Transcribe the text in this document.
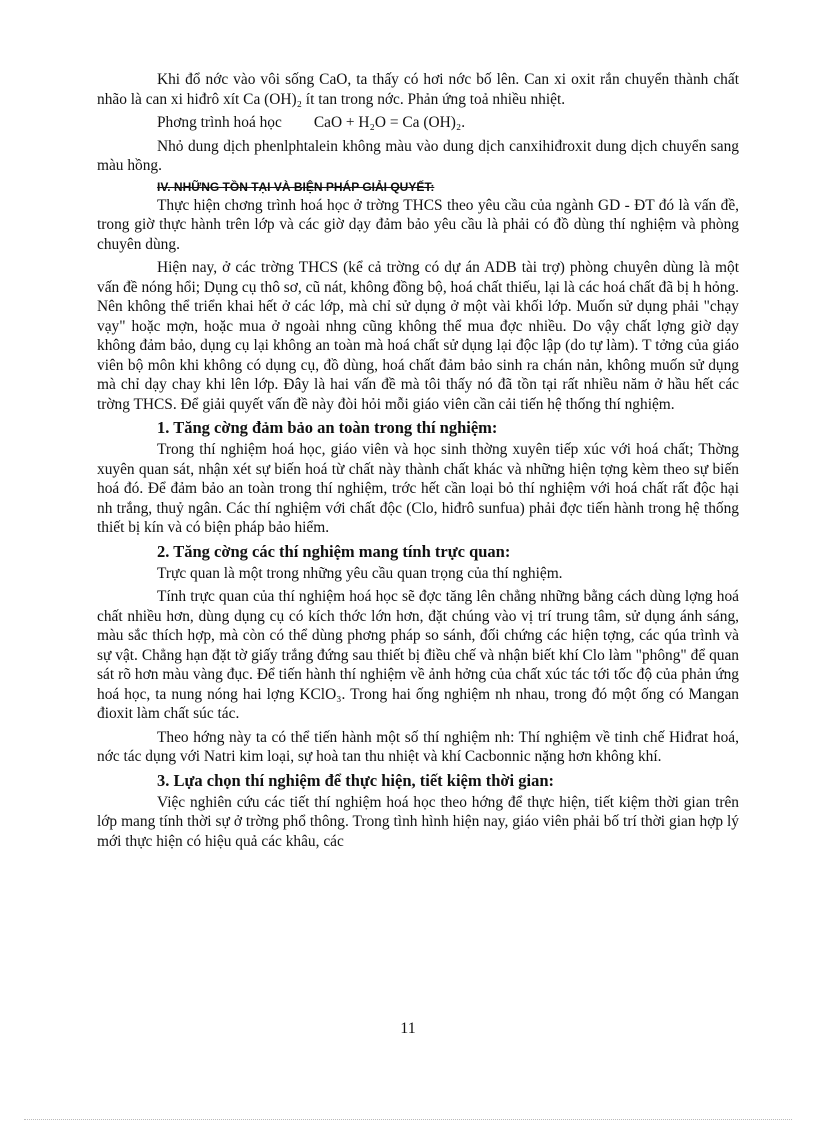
Khi đổ nớc vào vôi sống CaO, ta thấy có hơi nớc bố lên. Can xi oxit rắn chuyển thành chất nhão là can xi hiđrô xít Ca (OH)₂ ít tan trong nớc. Phản ứng toả nhiều nhiệt.

Phơng trình hoá học CaO + H₂O = Ca (OH)₂.

Nhỏ dung dịch phenlphtalein không màu vào dung dịch canxihiđroxit dung dịch chuyển sang màu hồng.

IV. NHỮNG TỒN TẠI VÀ BIỆN PHÁP GIẢI QUYẾT:

Thực hiện chơng trình hoá học ở trờng THCS theo yêu cầu của ngành GD - ĐT đó là vấn đề, trong giờ thực hành trên lớp và các giờ dạy đảm bảo yêu cầu là phải có đồ dùng thí nghiệm và phòng chuyên dùng.

Hiện nay, ở các trờng THCS (kể cả trờng có dự án ADB tài trợ) phòng chuyên dùng là một vấn đề nóng hổi; Dụng cụ thô sơ, cũ nát, không đồng bộ, hoá chất thiếu, lại là các hoá chất đã bị h hỏng. Nên không thể triển khai hết ở các lớp, mà chỉ sử dụng ở một vài khối lớp. Muốn sử dụng phải "chạy vạy" hoặc mợn, hoặc mua ở ngoài nhng cũng không thể mua đợc nhiều. Do vậy chất lợng giờ dạy không đảm bảo, dụng cụ lại không an toàn mà hoá chất sử dụng lại độc lập (do tự làm). T tởng của giáo viên bộ môn khi không có dụng cụ, đồ dùng, hoá chất đảm bảo sinh ra chán nản, không muốn sử dụng mà chỉ dạy chay khi lên lớp. Đây là hai vấn đề mà tôi thấy nó đã tồn tại rất nhiều năm ở hầu hết các trờng THCS. Để giải quyết vấn đề này đòi hỏi mỗi giáo viên cần cải tiến hệ thống thí nghiệm.

1. Tăng cờng đảm bảo an toàn trong thí nghiệm:

Trong thí nghiệm hoá học, giáo viên và học sinh thờng xuyên tiếp xúc với hoá chất; Thờng xuyên quan sát, nhận xét sự biến hoá từ chất này thành chất khác và những hiện tợng kèm theo sự biến hoá đó. Để đảm bảo an toàn trong thí nghiệm, trớc hết cần loại bỏ thí nghiệm với hoá chất rất độc hại nh trắng, thuỷ ngân. Các thí nghiệm với chất độc (Clo, hiđrô sunfua) phải đợc tiến hành trong hệ thống thiết bị kín và có biện pháp bảo hiểm.

2. Tăng cờng các thí nghiệm mang tính trực quan:

Trực quan là một trong những yêu cầu quan trọng của thí nghiệm.

Tính trực quan của thí nghiệm hoá học sẽ đợc tăng lên chẳng những bằng cách dùng lợng hoá chất nhiều hơn, dùng dụng cụ có kích thớc lớn hơn, đặt chúng vào vị trí trung tâm, sử dụng ánh sáng, màu sắc thích hợp, mà còn có thể dùng phơng pháp so sánh, đối chứng các hiện tợng, các qúa trình và sự vật. Chẳng hạn đặt tờ giấy trắng đứng sau thiết bị điều chế và nhận biết khí Clo làm "phông" để quan sát rõ hơn màu vàng đục. Để tiến hành thí nghiệm về ảnh hởng của chất xúc tác tới tốc độ của phản ứng hoá học, ta nung nóng hai lợng KClO₃. Trong hai ống nghiệm nh nhau, trong đó một ống có Mangan đioxit làm chất súc tác.

Theo hớng này ta có thể tiến hành một số thí nghiệm nh: Thí nghiệm về tinh chế Hiđrat hoá, nớc tác dụng với Natri kim loại, sự hoà tan thu nhiệt và khí Cacbonnic nặng hơn không khí.

3. Lựa chọn thí nghiệm để thực hiện, tiết kiệm thời gian:

Việc nghiên cứu các tiết thí nghiệm hoá học theo hớng để thực hiện, tiết kiệm thời gian trên lớp mang tính thời sự ở trờng phổ thông. Trong tình hình hiện nay, giáo viên phải bố trí thời gian hợp lý mới thực hiện có hiệu quả các khâu, các

11
